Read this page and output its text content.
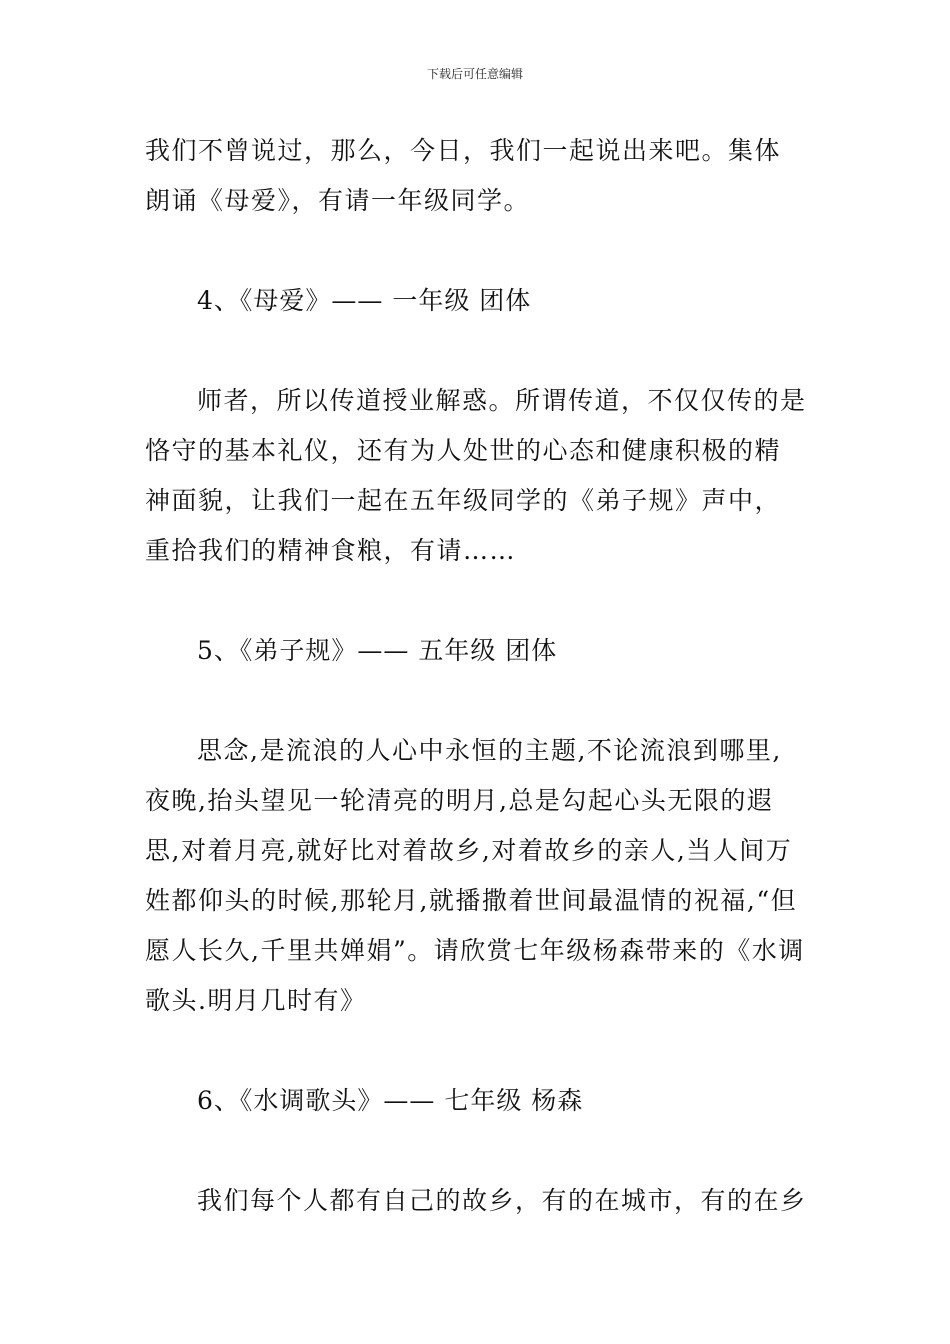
下载后可任意编辑

我们不曾说过，那么，今日，我们一起说出来吧。集体朗诵《母爱》，有请一年级同学。

4、《母爱》—— 一年级 团体

师者，所以传道授业解惑。所谓传道，不仅仅传的是恪守的基本礼仪，还有为人处世的心态和健康积极的精神面貌，让我们一起在五年级同学的《弟子规》声中，重拾我们的精神食粮，有请……

5、《弟子规》—— 五年级 团体

思念,是流浪的人心中永恒的主题,不论流浪到哪里,夜晚,抬头望见一轮清亮的明月,总是勾起心头无限的遐思,对着月亮,就好比对着故乡,对着故乡的亲人,当人间万姓都仰头的时候,那轮月,就播撒着世间最温情的祝福,“但愿人长久,千里共婵娟”。请欣赏七年级杨森带来的《水调歌头.明月几时有》

6、《水调歌头》—— 七年级 杨森

我们每个人都有自己的故乡，有的在城市，有的在乡
